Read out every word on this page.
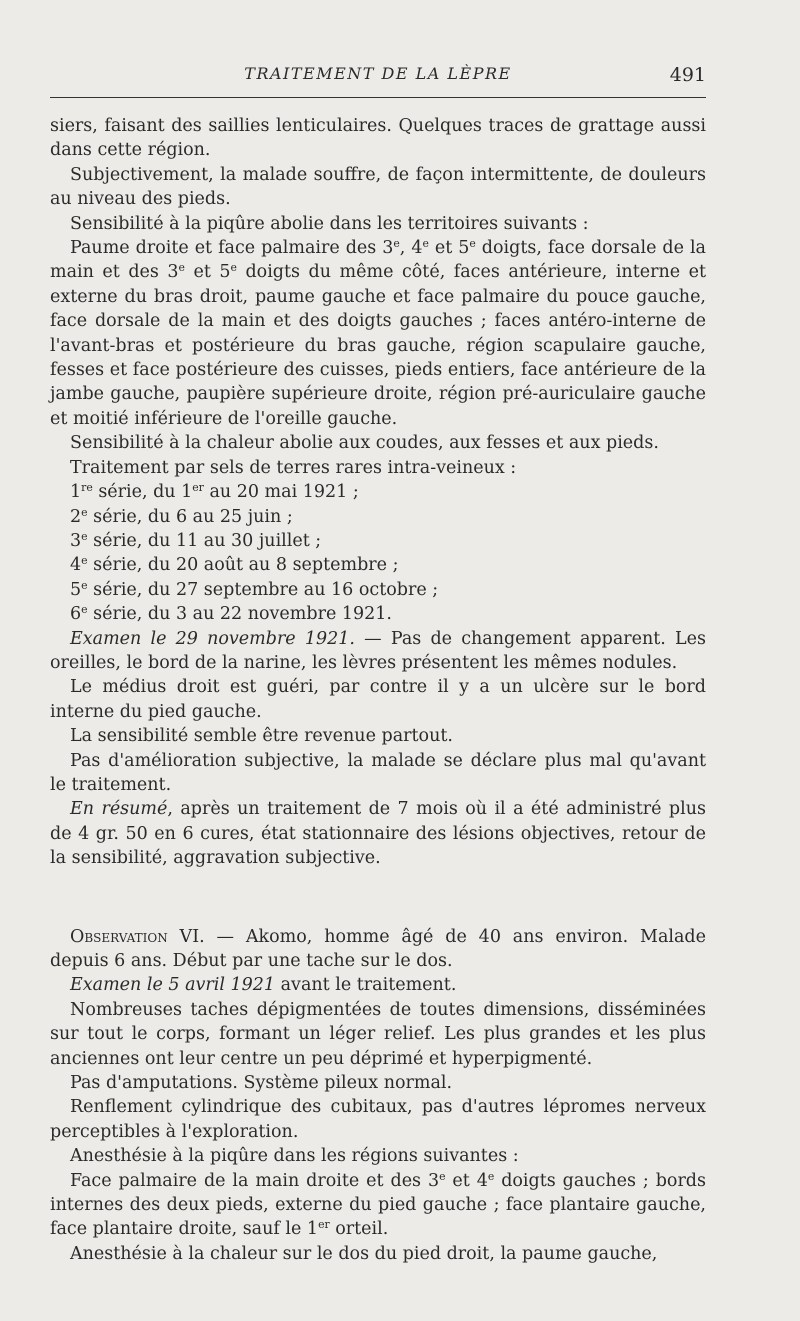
TRAITEMENT DE LA LÈPRE	491

siers, faisant des saillies lenticulaires. Quelques traces de grattage aussi dans cette région.

Subjectivement, la malade souffre, de façon intermittente, de douleurs au niveau des pieds.

Sensibilité à la piqûre abolie dans les territoires suivants :

Paume droite et face palmaire des 3e, 4e et 5e doigts, face dorsale de la main et des 3e et 5e doigts du même côté, faces antérieure, interne et externe du bras droit, paume gauche et face palmaire du pouce gauche, face dorsale de la main et des doigts gauches ; faces antéro-interne de l'avant-bras et postérieure du bras gauche, région scapulaire gauche, fesses et face postérieure des cuisses, pieds entiers, face antérieure de la jambe gauche, paupière supérieure droite, région pré-auriculaire gauche et moitié inférieure de l'oreille gauche.

Sensibilité à la chaleur abolie aux coudes, aux fesses et aux pieds.

Traitement par sels de terres rares intra-veineux :

1re série, du 1er au 20 mai 1921 ;

2e série, du 6 au 25 juin ;

3e série, du 11 au 30 juillet ;

4e série, du 20 août au 8 septembre ;

5e série, du 27 septembre au 16 octobre ;

6e série, du 3 au 22 novembre 1921.

Examen le 29 novembre 1921. — Pas de changement apparent. Les oreilles, le bord de la narine, les lèvres présentent les mêmes nodules.

Le médius droit est guéri, par contre il y a un ulcère sur le bord interne du pied gauche.

La sensibilité semble être revenue partout.

Pas d'amélioration subjective, la malade se déclare plus mal qu'avant le traitement.

En résumé, après un traitement de 7 mois où il a été administré plus de 4 gr. 50 en 6 cures, état stationnaire des lésions objectives, retour de la sensibilité, aggravation subjective.

Observation VI. — Akomo, homme âgé de 40 ans environ. Malade depuis 6 ans. Début par une tache sur le dos.

Examen le 5 avril 1921 avant le traitement.

Nombreuses taches dépigmentées de toutes dimensions, disséminées sur tout le corps, formant un léger relief. Les plus grandes et les plus anciennes ont leur centre un peu déprimé et hyperpigmenté.

Pas d'amputations. Système pileux normal.

Renflement cylindrique des cubitaux, pas d'autres lépromes nerveux perceptibles à l'exploration.

Anesthésie à la piqûre dans les régions suivantes :

Face palmaire de la main droite et des 3e et 4e doigts gauches ; bords internes des deux pieds, externe du pied gauche ; face plantaire gauche, face plantaire droite, sauf le 1er orteil.

Anesthésie à la chaleur sur le dos du pied droit, la paume gauche,
